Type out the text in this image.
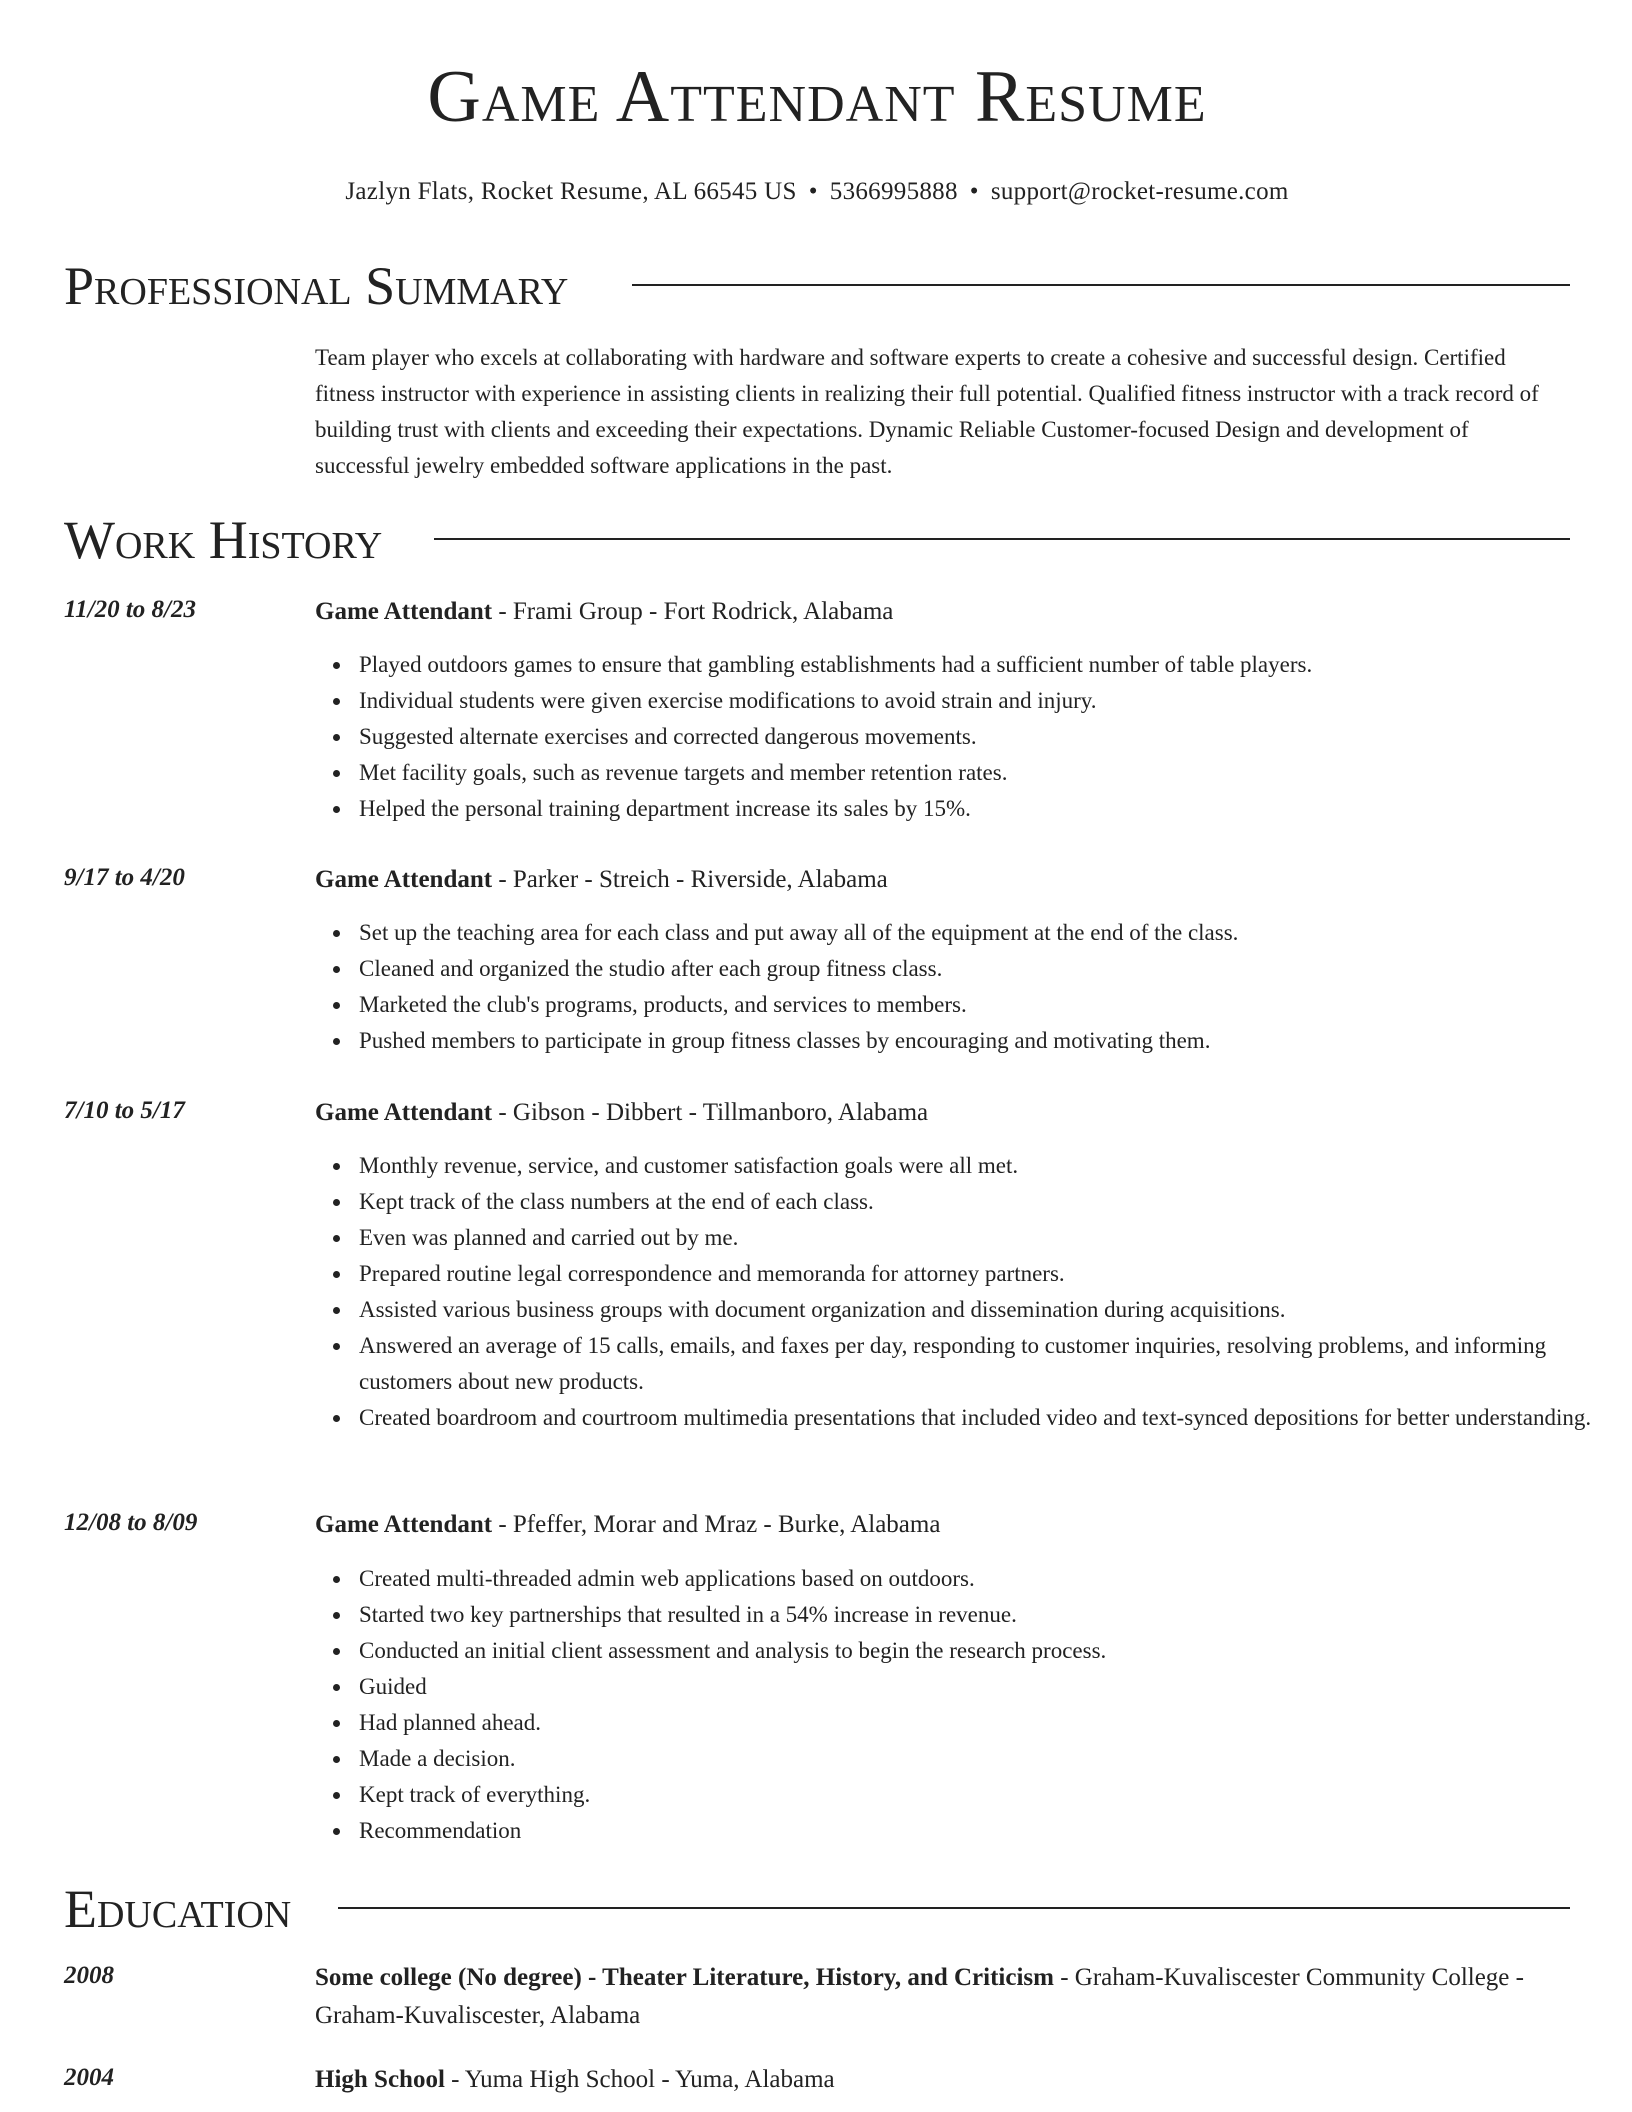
Game Attendant Resume
Jazlyn Flats, Rocket Resume, AL 66545 US • 5366995888 • support@rocket-resume.com
Professional Summary
Team player who excels at collaborating with hardware and software experts to create a cohesive and successful design. Certified fitness instructor with experience in assisting clients in realizing their full potential. Qualified fitness instructor with a track record of building trust with clients and exceeding their expectations. Dynamic Reliable Customer-focused Design and development of successful jewelry embedded software applications in the past.
Work History
11/20 to 8/23	Game Attendant - Frami Group - Fort Rodrick, Alabama
Played outdoors games to ensure that gambling establishments had a sufficient number of table players.
Individual students were given exercise modifications to avoid strain and injury.
Suggested alternate exercises and corrected dangerous movements.
Met facility goals, such as revenue targets and member retention rates.
Helped the personal training department increase its sales by 15%.
9/17 to 4/20	Game Attendant - Parker - Streich - Riverside, Alabama
Set up the teaching area for each class and put away all of the equipment at the end of the class.
Cleaned and organized the studio after each group fitness class.
Marketed the club's programs, products, and services to members.
Pushed members to participate in group fitness classes by encouraging and motivating them.
7/10 to 5/17	Game Attendant - Gibson - Dibbert - Tillmanboro, Alabama
Monthly revenue, service, and customer satisfaction goals were all met.
Kept track of the class numbers at the end of each class.
Even was planned and carried out by me.
Prepared routine legal correspondence and memoranda for attorney partners.
Assisted various business groups with document organization and dissemination during acquisitions.
Answered an average of 15 calls, emails, and faxes per day, responding to customer inquiries, resolving problems, and informing customers about new products.
Created boardroom and courtroom multimedia presentations that included video and text-synced depositions for better understanding.
12/08 to 8/09	Game Attendant - Pfeffer, Morar and Mraz - Burke, Alabama
Created multi-threaded admin web applications based on outdoors.
Started two key partnerships that resulted in a 54% increase in revenue.
Conducted an initial client assessment and analysis to begin the research process.
Guided
Had planned ahead.
Made a decision.
Kept track of everything.
Recommendation
Education
2008	Some college (No degree) - Theater Literature, History, and Criticism - Graham-Kuvaliscester Community College - Graham-Kuvaliscester, Alabama
2004	High School - Yuma High School - Yuma, Alabama
